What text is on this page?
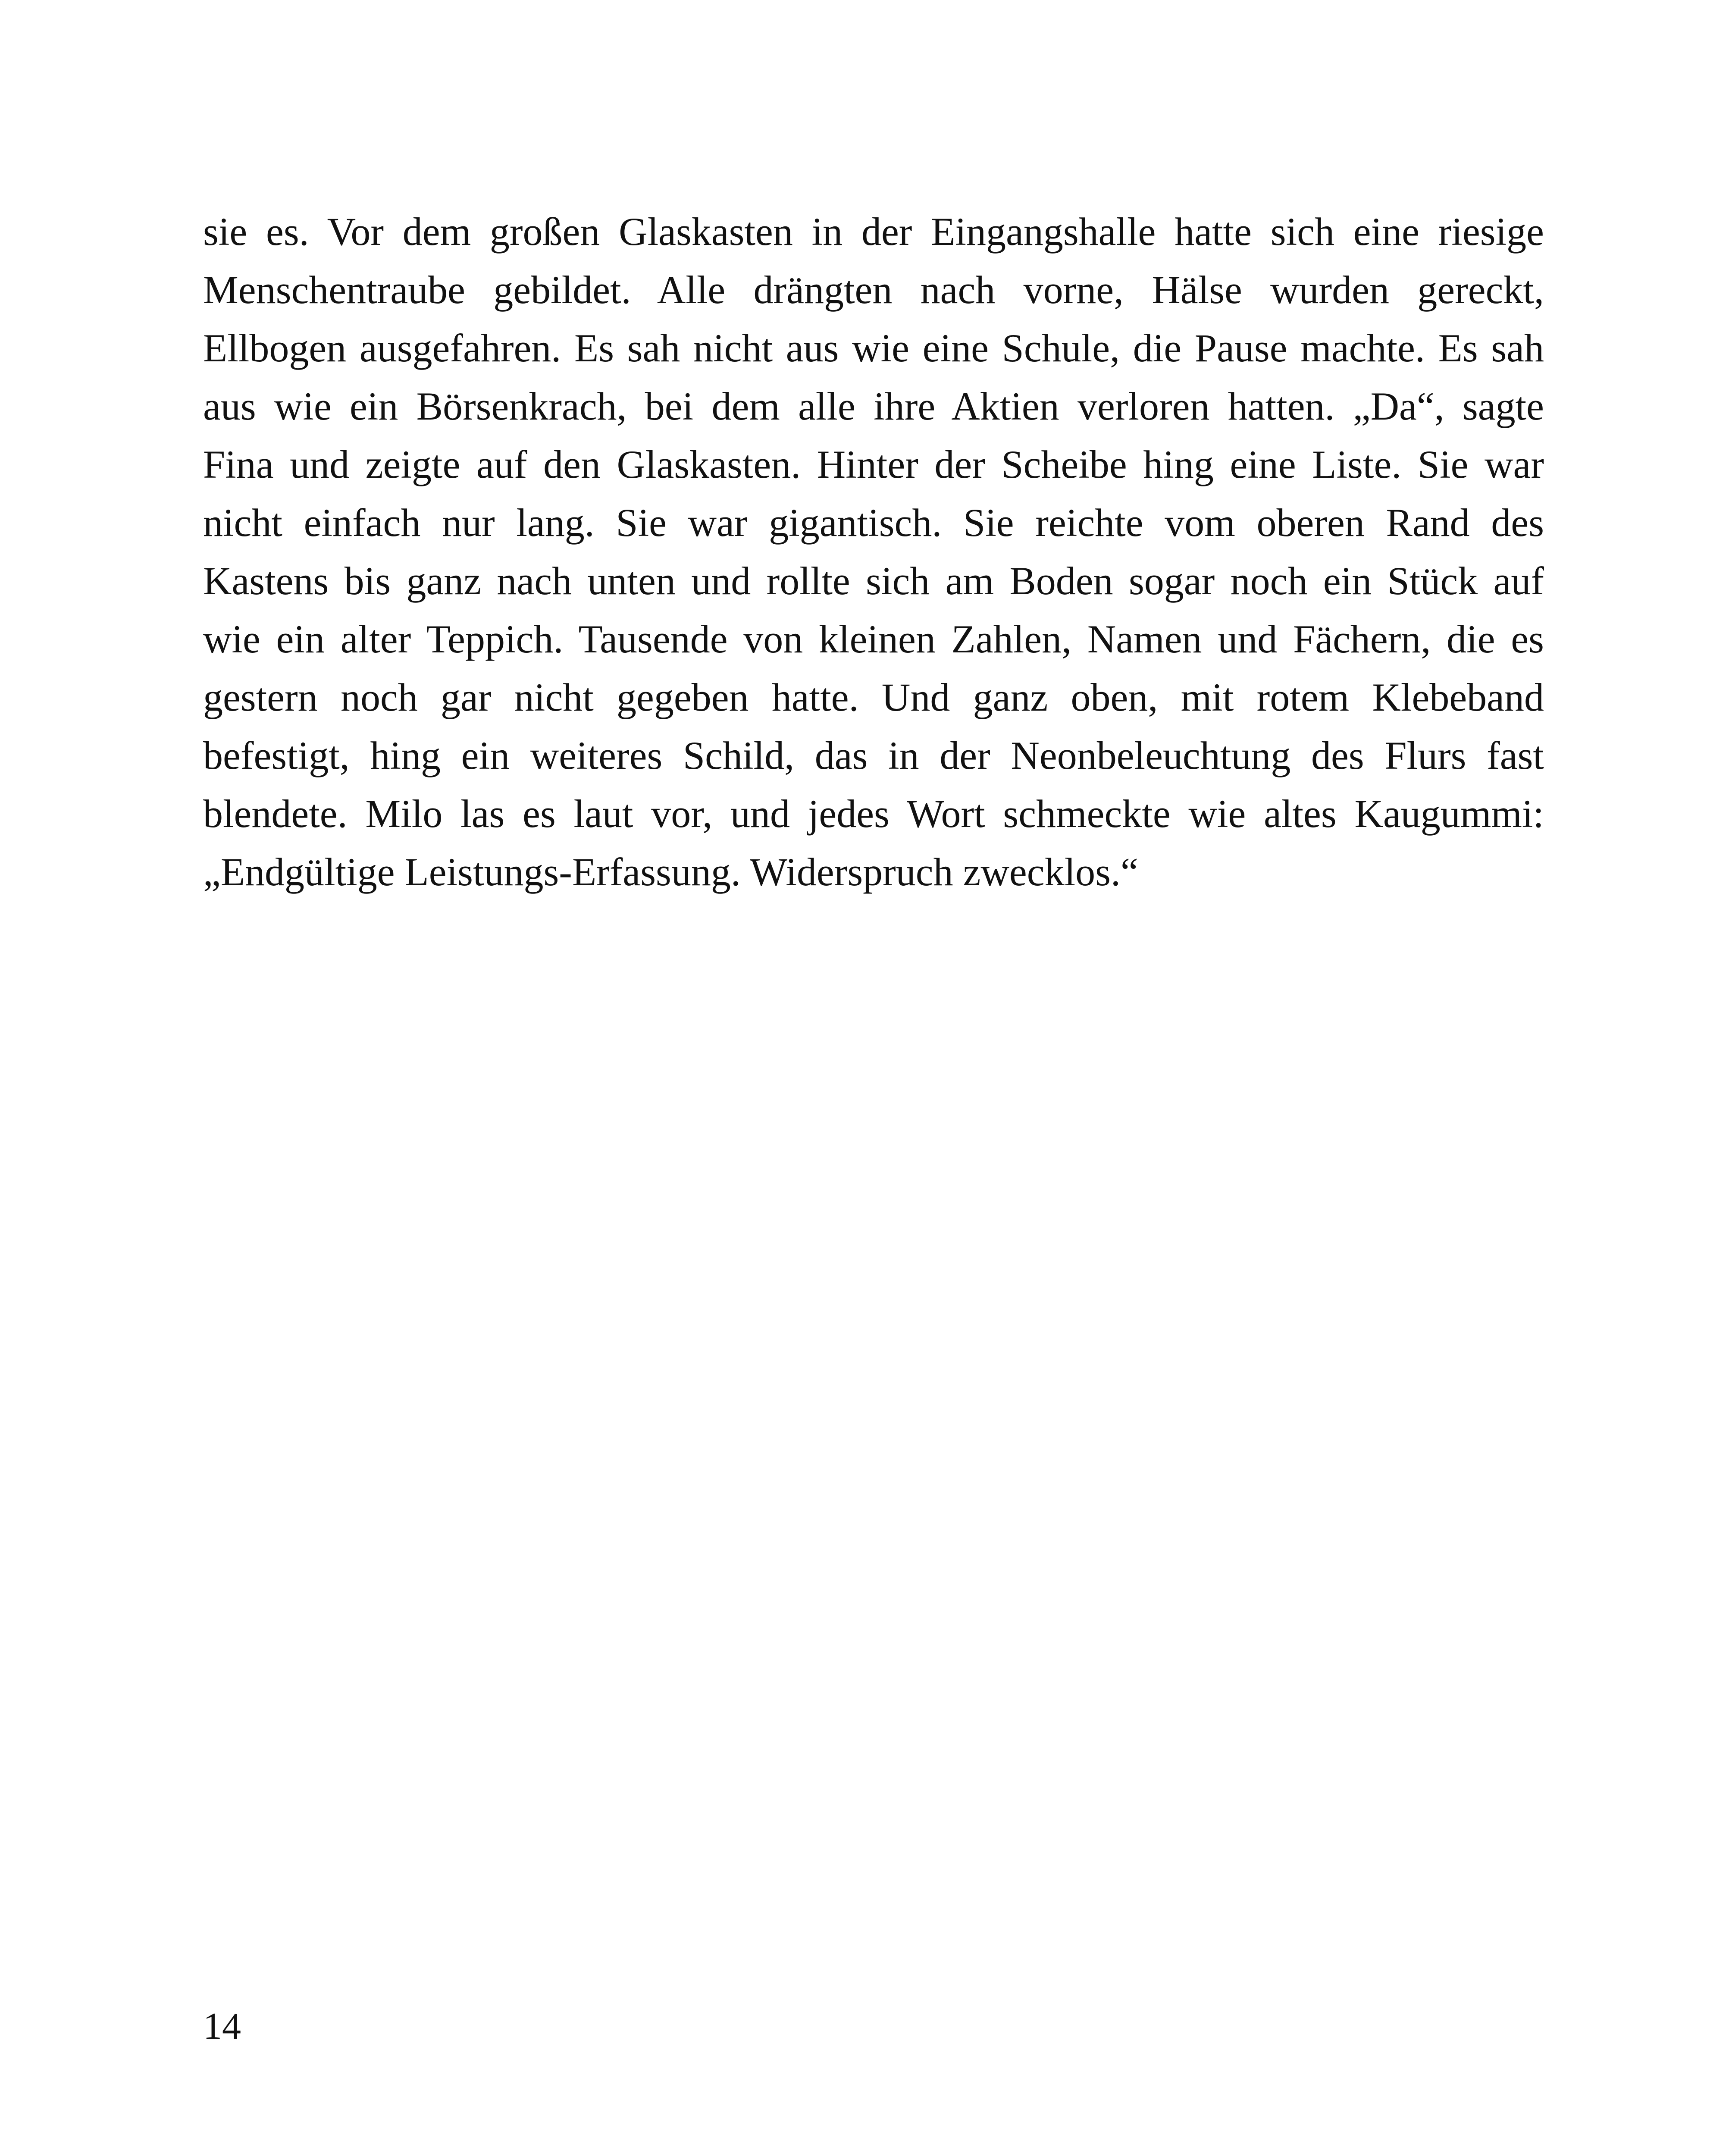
sie es. Vor dem großen Glaskasten in der Eingangshalle hatte sich eine riesige
Menschentraube gebildet. Alle drängten nach vorne, Hälse wurden gereckt,
Ellbogen ausgefahren. Es sah nicht aus wie eine Schule, die Pause machte. Es sah
aus wie ein Börsenkrach, bei dem alle ihre Aktien verloren hatten. „Da“, sagte
Fina und zeigte auf den Glaskasten. Hinter der Scheibe hing eine Liste. Sie war
nicht einfach nur lang. Sie war gigantisch. Sie reichte vom oberen Rand des
Kastens bis ganz nach unten und rollte sich am Boden sogar noch ein Stück auf
wie ein alter Teppich. Tausende von kleinen Zahlen, Namen und Fächern, die es
gestern noch gar nicht gegeben hatte. Und ganz oben, mit rotem Klebeband
befestigt, hing ein weiteres Schild, das in der Neonbeleuchtung des Flurs fast
blendete. Milo las es laut vor, und jedes Wort schmeckte wie altes Kaugummi:
„Endgültige Leistungs-Erfassung. Widerspruch zwecklos.“

14
